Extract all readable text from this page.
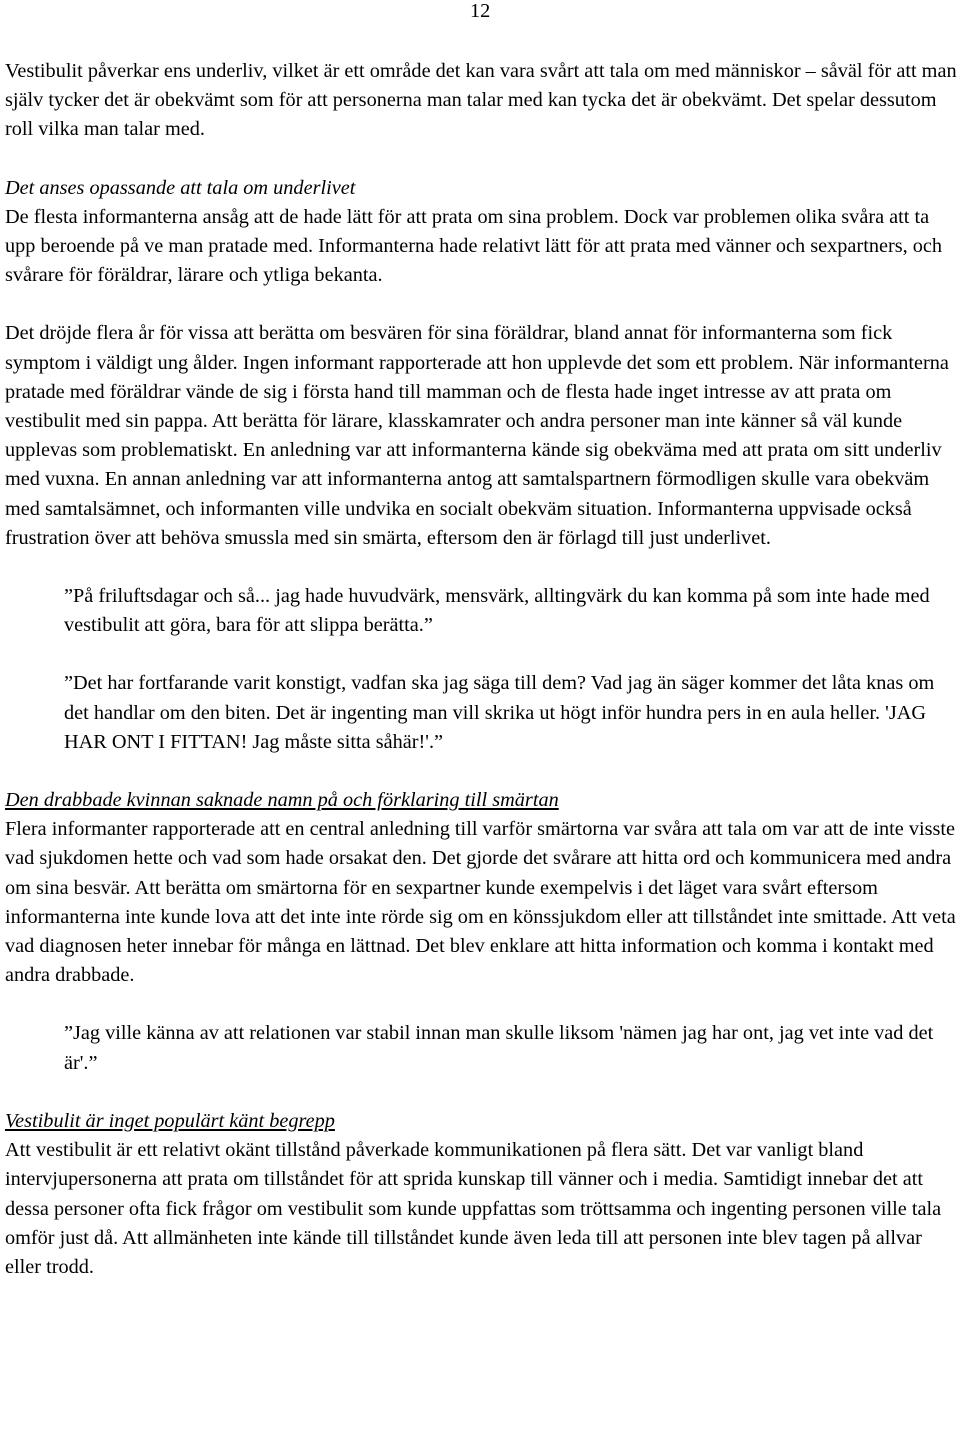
12

Vestibulit påverkar ens underliv, vilket är ett område det kan vara svårt att tala om med människor – såväl för att man själv tycker det är obekvämt som för att personerna man talar med kan tycka det är obekvämt. Det spelar dessutom roll vilka man talar med.

Det anses opassande att tala om underlivet

De flesta informanterna ansåg att de hade lätt för att prata om sina problem. Dock var problemen olika svåra att ta upp beroende på ve man pratade med. Informanterna hade relativt lätt för att prata med vänner och sexpartners, och svårare för föräldrar, lärare och ytliga bekanta.

Det dröjde flera år för vissa att berätta om besvären för sina föräldrar, bland annat för informanterna som fick symptom i väldigt ung ålder. Ingen informant rapporterade att hon upplevde det som ett problem. När informanterna pratade med föräldrar vände de sig i första hand till mamman och de flesta hade inget intresse av att prata om vestibulit med sin pappa. Att berätta för lärare, klasskamrater och andra personer man inte känner så väl kunde upplevas som problematiskt. En anledning var att informanterna kände sig obekväma med att prata om sitt underliv med vuxna. En annan anledning var att informanterna antog att samtalspartnern förmodligen skulle vara obekväm med samtalsämnet, och informanten ville undvika en socialt obekväm situation. Informanterna uppvisade också frustration över att behöva smussla med sin smärta, eftersom den är förlagd till just underlivet.

”På friluftsdagar och så... jag hade huvudvärk, mensvärk, alltingvärk du kan komma på som inte hade med vestibulit att göra, bara för att slippa berätta.”

”Det har fortfarande varit konstigt, vadfan ska jag säga till dem? Vad jag än säger kommer det låta knas om det handlar om den biten. Det är ingenting man vill skrika ut högt inför hundra pers in en aula heller. 'JAG HAR ONT I FITTAN! Jag måste sitta såhär!'.”

Den drabbade kvinnan saknade namn på och förklaring till smärtan

Flera informanter rapporterade att en central anledning till varför smärtorna var svåra att tala om var att de inte visste vad sjukdomen hette och vad som hade orsakat den. Det gjorde det svårare att hitta ord och kommunicera med andra om sina besvär. Att berätta om smärtorna för en sexpartner kunde exempelvis i det läget vara svårt eftersom informanterna inte kunde lova att det inte inte rörde sig om en könssjukdom eller att tillståndet inte smittade. Att veta vad diagnosen heter innebar för många en lättnad. Det blev enklare att hitta information och komma i kontakt med andra drabbade.

”Jag ville känna av att relationen var stabil innan man skulle liksom 'nämen jag har ont, jag vet inte vad det är'.”

Vestibulit är inget populärt känt begrepp

Att vestibulit är ett relativt okänt tillstånd påverkade kommunikationen på flera sätt. Det var vanligt bland intervjupersonerna att prata om tillståndet för att sprida kunskap till vänner och i media. Samtidigt innebar det att dessa personer ofta fick frågor om vestibulit som kunde uppfattas som tröttsamma och ingenting personen ville tala omför just då. Att allmänheten inte kände till tillståndet kunde även leda till att personen inte blev tagen på allvar eller trodd.
